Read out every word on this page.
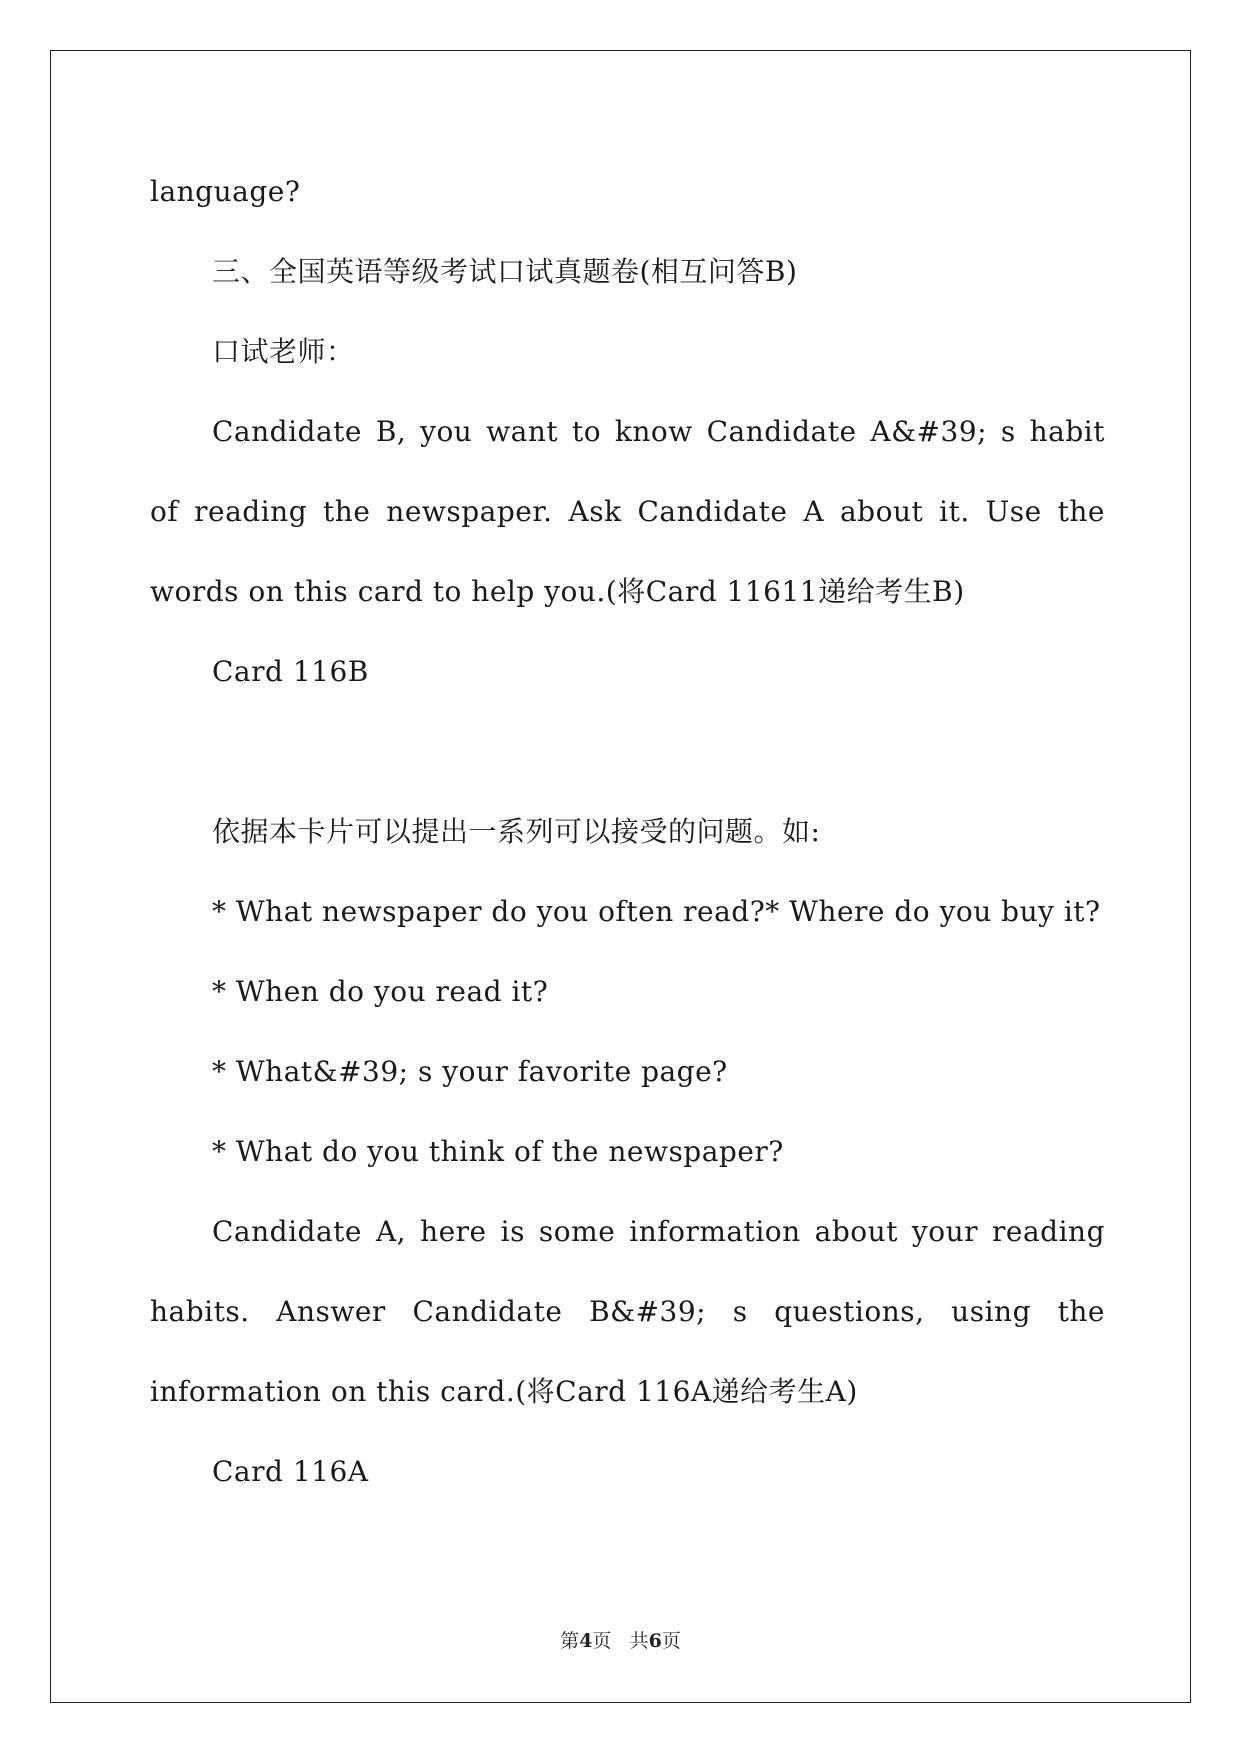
language?

三、全国英语等级考试口试真题卷(相互问答B)

口试老师：

Candidate B, you want to know Candidate A&#39; s habit

of reading the newspaper. Ask Candidate A about it. Use the

words on this card to help you.(将Card 11611递给考生B)

Card 116B

依据本卡片可以提出一系列可以接受的问题。如:

* What newspaper do you often read?* Where do you buy it?

* When do you read it?

* What&#39; s your favorite page?

* What do you think of the newspaper?

Candidate A, here is some information about your reading

habits. Answer Candidate B&#39; s questions, using the

information on this card.(将Card 116A递给考生A)

Card 116A

第4页 共6页
